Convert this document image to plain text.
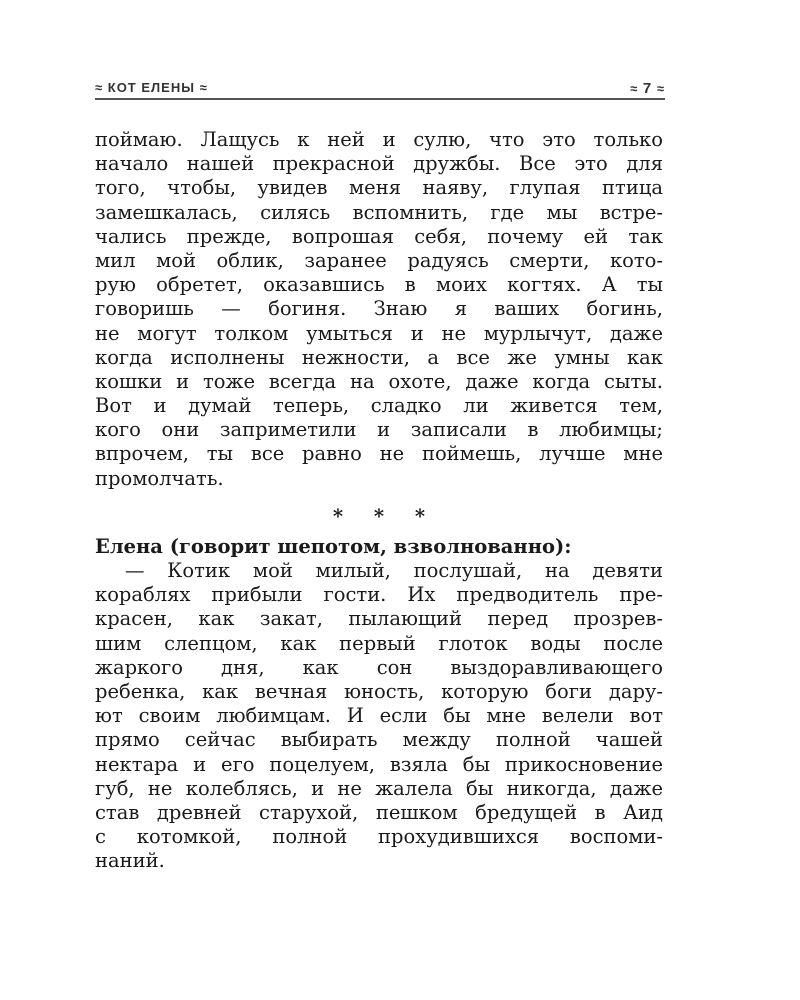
≈ КОТ ЕЛЕНЫ ≈	≈ 7 ≈
поймаю. Лащусь к ней и сулю, что это только
начало нашей прекрасной дружбы. Все это для
того, чтобы, увидев меня наяву, глупая птица
замешкалась, силясь вспомнить, где мы встре-
чались прежде, вопрошая себя, почему ей так
мил мой облик, заранее радуясь смерти, кото-
рую обретет, оказавшись в моих когтях. А ты
говоришь — богиня. Знаю я ваших богинь,
не могут толком умыться и не мурлычут, даже
когда исполнены нежности, а все же умны как
кошки и тоже всегда на охоте, даже когда сыты.
Вот и думай теперь, сладко ли живется тем,
кого они заприметили и записали в любимцы;
впрочем, ты все равно не поймешь, лучше мне
промолчать.
* * *
Елена (говорит шепотом, взволнованно):
— Котик мой милый, послушай, на девяти
кораблях прибыли гости. Их предводитель пре-
красен, как закат, пылающий перед прозрев-
шим слепцом, как первый глоток воды после
жаркого дня, как сон выздоравливающего
ребенка, как вечная юность, которую боги дару-
ют своим любимцам. И если бы мне велели вот
прямо сейчас выбирать между полной чашей
нектара и его поцелуем, взяла бы прикосновение
губ, не колеблясь, и не жалела бы никогда, даже
став древней старухой, пешком бредущей в Аид
с котомкой, полной прохудившихся воспоми-
наний.
